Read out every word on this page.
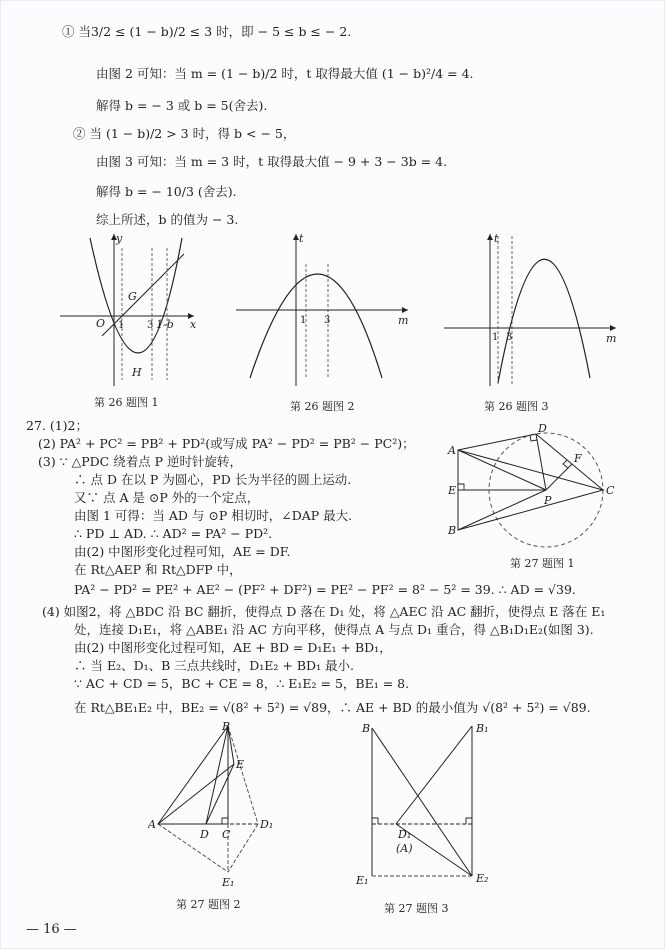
① 当3/2 ≤ (1 − b)/2 ≤ 3 时，即 − 5 ≤ b ≤ − 2.
由图 2 可知：当 m = (1 − b)/2 时，t 取得最大值 (1 − b)²/4 = 4.
解得 b = − 3 或 b = 5(舍去).
② 当 (1 − b)/2 > 3 时，得 b < − 5，
由图 3 可知：当 m = 3 时，t 取得最大值 − 9 + 3 − 3b = 4.
解得 b = − 10/3 (舍去).
综上所述，b 的值为 − 3.
y
x
O 1 3 1-b
G
H
第 26 题图 1
t
m
1 3
第 26 题图 2
t
m
1 3
第 26 题图 3
27. (1)2；
(2) PA² + PC² = PB² + PD²(或写成 PA² − PD² = PB² − PC²)；
(3) ∵ △PDC 绕着点 P 逆时针旋转，
∴ 点 D 在以 P 为圆心，PD 长为半径的圆上运动.
又∵ 点 A 是 ⊙P 外的一个定点，
由图 1 可得：当 AD 与 ⊙P 相切时，∠DAP 最大.
∴ PD ⊥ AD. ∴ AD² = PA² − PD².
由(2) 中图形变化过程可知，AE = DF.
在 Rt△AEP 和 Rt△DFP 中，
PA² − PD² = PE² + AE² − (PF² + DF²) = PE² − PF² = 8² − 5² = 39. ∴ AD = √39.
(4) 如图2，将 △BDC 沿 BC 翻折，使得点 D 落在 D₁ 处，将 △AEC 沿 AC 翻折，使得点 E 落在 E₁
处，连接 D₁E₁，将 △ABE₁ 沿 AC 方向平移，使得点 A 与点 D₁ 重合，得 △B₁D₁E₂(如图 3).
由(2) 中图形变化过程可知，AE + BD = D₁E₁ + BD₁，
∴ 当 E₂、D₁、B 三点共线时，D₁E₂ + BD₁ 最小.
∵ AC + CD = 5，BC + CE = 8，∴ E₁E₂ = 5，BE₁ = 8.
在 Rt△BE₁E₂ 中，BE₂ = √(8² + 5²) = √89，∴ AE + BD 的最小值为 √(8² + 5²) = √89.
A
B
C
D
E
F
P
第 27 题图 1
A
B
C
D
D₁
E
E₁
第 27 题图 2
B	B₁
D₁
(A)
E₁	E₂
第 27 题图 3
— 16 —
